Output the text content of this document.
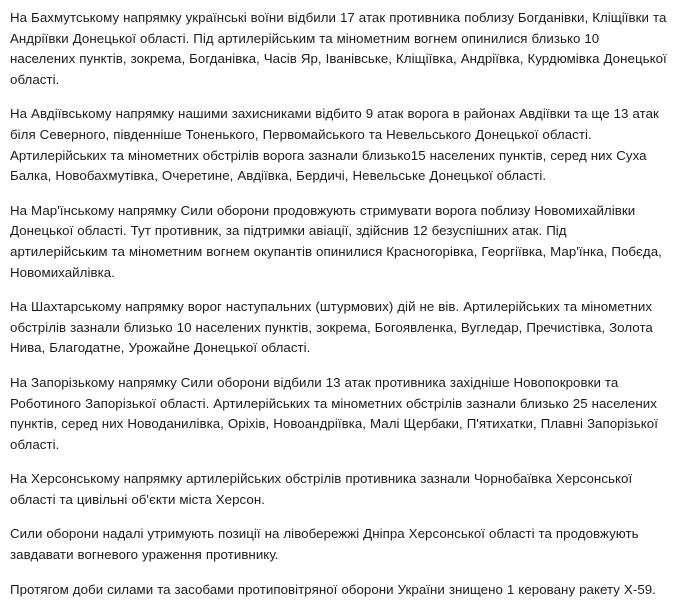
На Бахмутському напрямку українські воїни відбили 17 атак противника поблизу Богданівки, Кліщіївки та Андріївки Донецької області. Під артилерійським та мінометним вогнем опинилися близько 10 населених пунктів, зокрема, Богданівка, Часів Яр, Іванівське, Кліщіївка, Андріївка, Курдюмівка Донецької області.

На Авдіївському напрямку нашими захисниками відбито 9 атак ворога в районах Авдіївки та ще 13 атак біля Северного, південніше Тоненького, Первомайського та Невельського Донецької області. Артилерійських та мінометних обстрілів ворога зазнали близько15 населених пунктів, серед них Суха Балка, Новобахмутівка, Очеретине, Авдіївка, Бердичі, Невельське Донецької області.

На Мар'їнському напрямку Сили оборони продовжують стримувати ворога поблизу Новомихайлівки Донецької області. Тут противник, за підтримки авіації, здійснив 12 безуспішних атак. Під артилерійським та мінометним вогнем окупантів опинилися Красногорівка, Георгіївка, Мар'їнка, Побєда, Новомихайлівка.

На Шахтарському напрямку ворог наступальних (штурмових) дій не вів. Артилерійських та мінометних обстрілів зазнали близько 10 населених пунктів, зокрема, Богоявленка, Вугледар, Пречистівка, Золота Нива, Благодатне, Урожайне Донецької області.

На Запорізькому напрямку Сили оборони відбили 13 атак противника західніше Новопокровки та Роботиного Запорізької області. Артилерійських та мінометних обстрілів зазнали близько 25 населених пунктів, серед них Новоданилівка, Оріхів, Новоандріївка, Малі Щербаки, П'ятихатки, Плавні Запорізької області.

На Херсонському напрямку артилерійських обстрілів противника зазнали Чорнобаївка Херсонської області та цивільні об'єкти міста Херсон.

Сили оборони надалі утримують позиції на лівобережжі Дніпра Херсонської області та продовжують завдавати вогневого ураження противнику.

Протягом доби силами та засобами протиповітряної оборони України знищено 1 керовану ракету Х-59.
